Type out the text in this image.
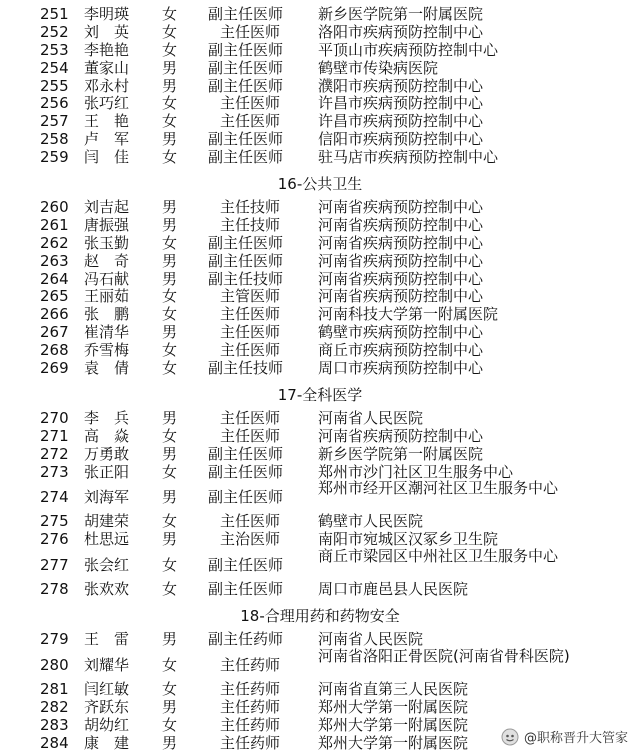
251	李明瑛	女	副主任医师	新乡医学院第一附属医院
252	刘　英	女	主任医师	洛阳市疾病预防控制中心
253	李艳艳	女	副主任医师	平顶山市疾病预防控制中心
254	董家山	男	副主任医师	鹤壁市传染病医院
255	邓永村	男	副主任医师	濮阳市疾病预防控制中心
256	张巧红	女	主任医师	许昌市疾病预防控制中心
257	王　艳	女	主任医师	许昌市疾病预防控制中心
258	卢　军	男	副主任医师	信阳市疾病预防控制中心
259	闫　佳	女	副主任医师	驻马店市疾病预防控制中心
16-公共卫生
260	刘吉起	男	主任技师	河南省疾病预防控制中心
261	唐振强	男	主任技师	河南省疾病预防控制中心
262	张玉勤	女	副主任医师	河南省疾病预防控制中心
263	赵　奇	男	副主任医师	河南省疾病预防控制中心
264	冯石献	男	副主任技师	河南省疾病预防控制中心
265	王丽茹	女	主管医师	河南省疾病预防控制中心
266	张　鹏	女	主任医师	河南科技大学第一附属医院
267	崔清华	男	主任医师	鹤壁市疾病预防控制中心
268	乔雪梅	女	主任医师	商丘市疾病预防控制中心
269	袁　倩	女	副主任技师	周口市疾病预防控制中心
17-全科医学
270	李　兵	男	主任医师	河南省人民医院
271	高　焱	女	主任医师	河南省疾病预防控制中心
272	万勇敢	男	副主任医师	新乡医学院第一附属医院
273	张正阳	女	副主任医师	郑州市沙门社区卫生服务中心
274	刘海军	男	副主任医师	郑州市经开区潮河社区卫生服务中心
275	胡建荣	女	主任医师	鹤壁市人民医院
276	杜思远	男	主治医师	南阳市宛城区汉冢乡卫生院
277	张会红	女	副主任医师	商丘市梁园区中州社区卫生服务中心
278	张欢欢	女	副主任医师	周口市鹿邑县人民医院
18-合理用药和药物安全
279	王　雷	男	副主任药师	河南省人民医院
280	刘耀华	女	主任药师	河南省洛阳正骨医院(河南省骨科医院)
281	闫红敏	女	主任药师	河南省直第三人民医院
282	齐跃东	男	主任药师	郑州大学第一附属医院
283	胡幼红	女	主任药师	郑州大学第一附属医院
284	康　建	男	主任药师	郑州大学第一附属医院	@职称晋升大管家
